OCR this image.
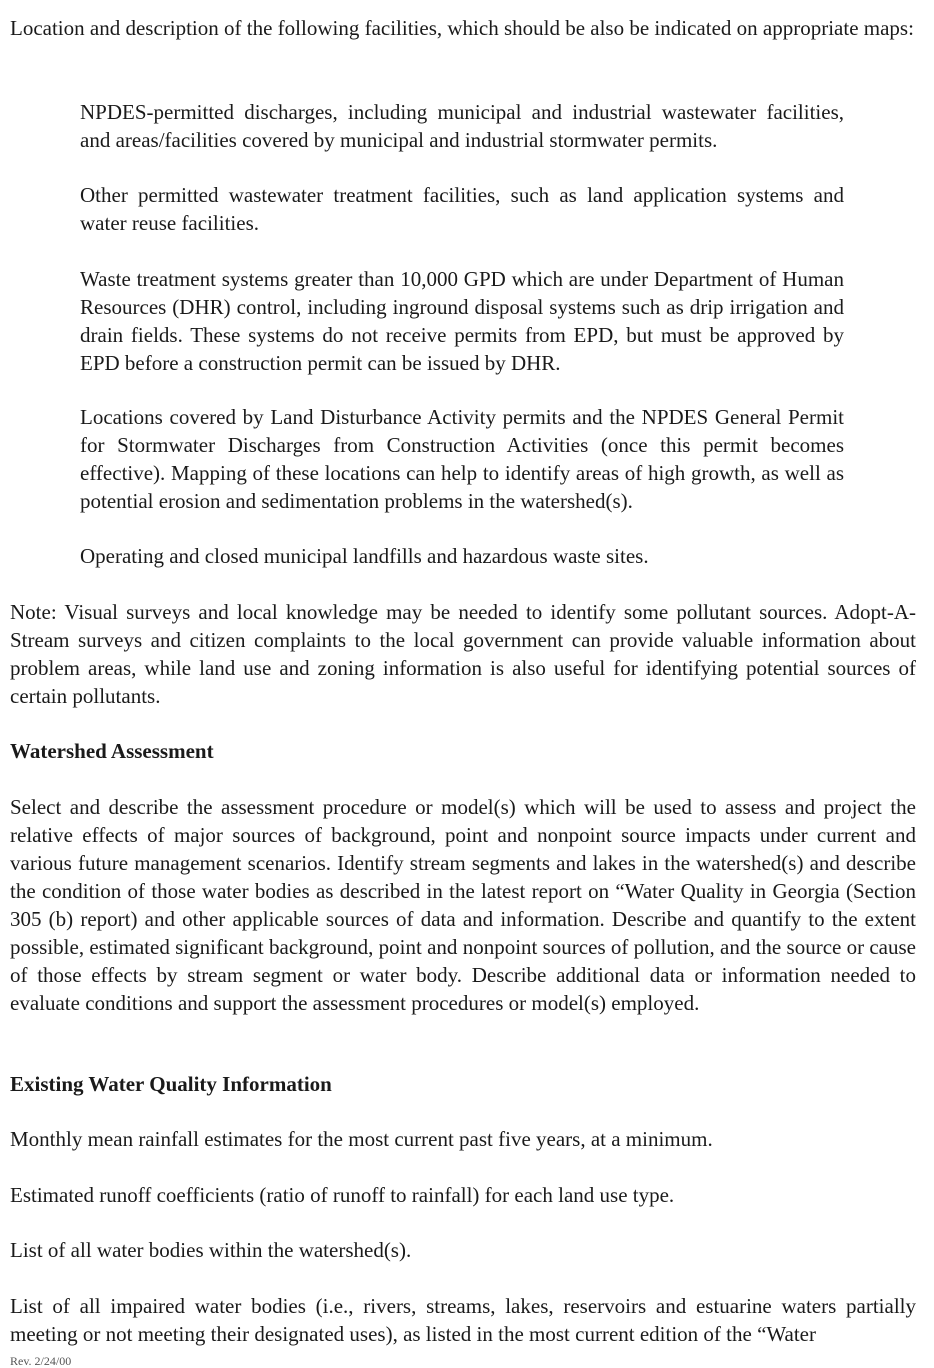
Location and description of the following facilities, which should be also be indicated on appropriate maps:

NPDES-permitted discharges, including municipal and industrial wastewater facilities, and areas/facilities covered by municipal and industrial stormwater permits.

Other permitted wastewater treatment facilities, such as land application systems and water reuse facilities.

Waste treatment systems greater than 10,000 GPD which are under Department of Human Resources (DHR) control, including inground disposal systems such as drip irrigation and drain fields. These systems do not receive permits from EPD, but must be approved by EPD before a construction permit can be issued by DHR.

Locations covered by Land Disturbance Activity permits and the NPDES General Permit for Stormwater Discharges from Construction Activities (once this permit becomes effective). Mapping of these locations can help to identify areas of high growth, as well as potential erosion and sedimentation problems in the watershed(s).

Operating and closed municipal landfills and hazardous waste sites.

Note: Visual surveys and local knowledge may be needed to identify some pollutant sources. Adopt-A-Stream surveys and citizen complaints to the local government can provide valuable information about problem areas, while land use and zoning information is also useful for identifying potential sources of certain pollutants.

Watershed Assessment

Select and describe the assessment procedure or model(s) which will be used to assess and project the relative effects of major sources of background, point and nonpoint source impacts under current and various future management scenarios. Identify stream segments and lakes in the watershed(s) and describe the condition of those water bodies as described in the latest report on “Water Quality in Georgia (Section 305 (b) report) and other applicable sources of data and information. Describe and quantify to the extent possible, estimated significant background, point and nonpoint sources of pollution, and the source or cause of those effects by stream segment or water body. Describe additional data or information needed to evaluate conditions and support the assessment procedures or model(s) employed.

Existing Water Quality Information

Monthly mean rainfall estimates for the most current past five years, at a minimum.

Estimated runoff coefficients (ratio of runoff to rainfall) for each land use type.

List of all water bodies within the watershed(s).

List of all impaired water bodies (i.e., rivers, streams, lakes, reservoirs and estuarine waters partially meeting or not meeting their designated uses), as listed in the most current edition of the “Water

Rev. 2/24/00
